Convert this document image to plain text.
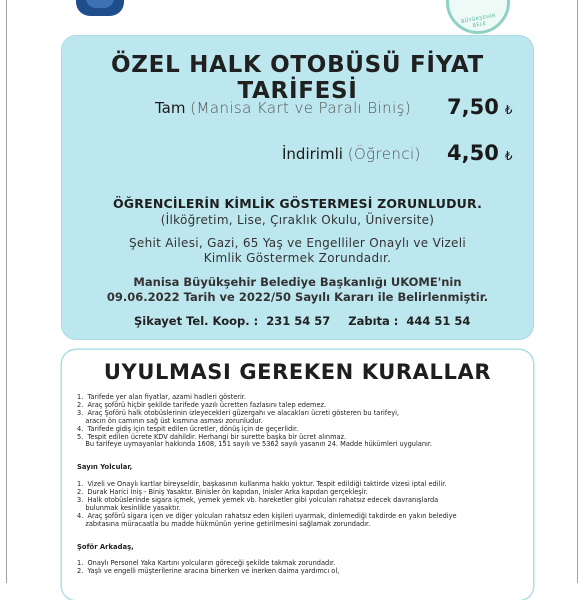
BÜYÜKŞEHİR BELE
ÖZEL HALK OTOBÜSÜ FİYAT TARİFESİ
Tam (Manisa Kart ve Paralı Biniş) 7,50 ₺
İndirimli (Öğrenci) 4,50 ₺
ÖĞRENCİLERİN KİMLİK GÖSTERMESİ ZORUNLUDUR.
(İlköğretim, Lise, Çıraklık Okulu, Üniversite)
Şehit Ailesi, Gazi, 65 Yaş ve Engelliler Onaylı ve Vizeli
Kimlik Göstermek Zorundadır.
Manisa Büyükşehir Belediye Başkanlığı UKOME'nin
09.06.2022 Tarih ve 2022/50 Sayılı Kararı ile Belirlenmiştir.
Şikayet Tel. Koop. : 231 54 57 Zabıta : 444 51 54
UYULMASI GEREKEN KURALLAR
1.  Tarifede yer alan fiyatlar, azami hadleri gösterir.
2.  Araç şoförü hiçbir şekilde tarifede yazılı ücretten fazlasını talep edemez.
3.  Araç Şoförü halk otobüslerinin izleyecekleri güzergahı ve alacakları ücreti gösteren bu tarifeyi,
aracın ön camının sağ üst kısmına asması zorunludur.
4.  Tarifede gidiş için tespit edilen ücretler, dönüş için de geçerlidir.
5.  Tespit edilen ücrete KDV dahildir. Herhangi bir surette başka bir ücret alınmaz.
Bu tarifeye uymayanlar hakkında 1608, 151 sayılı ve 5362 sayılı yasanın 24. Madde hükümleri uygulanır.
Sayın Yolcular,
1.  Vizeli ve Onaylı kartlar bireyseldir, başkasının kullanma hakkı yoktur. Tespit edildiği taktirde vizesi iptal edilir.
2.  Durak Harici İniş - Biniş Yasaktır. Binisler ön kapıdan, İnisler Arka kapıdan gerçekleşir.
3.  Halk otobüslerinde sigara içmek, yemek yemek vb. hareketler gibi yolcuları rahatsız edecek davranışlarda
bulunmak kesinlikle yasaktır.
4.  Araç şoförü sigara içen ve diğer yolcuları rahatsız eden kişileri uyarmak, dinlemediği takdirde en yakın belediye
zabıtasına müracaatla bu madde hükmünün yerine getirilmesini sağlamak zorundadır.
Şoför Arkadaş,
1.  Onaylı Personel Yaka Kartını yolcuların göreceği şekilde takmak zorundadır.
2.  Yaşlı ve engelli müşterilerine aracına binerken ve inerken daima yardımcı ol,
